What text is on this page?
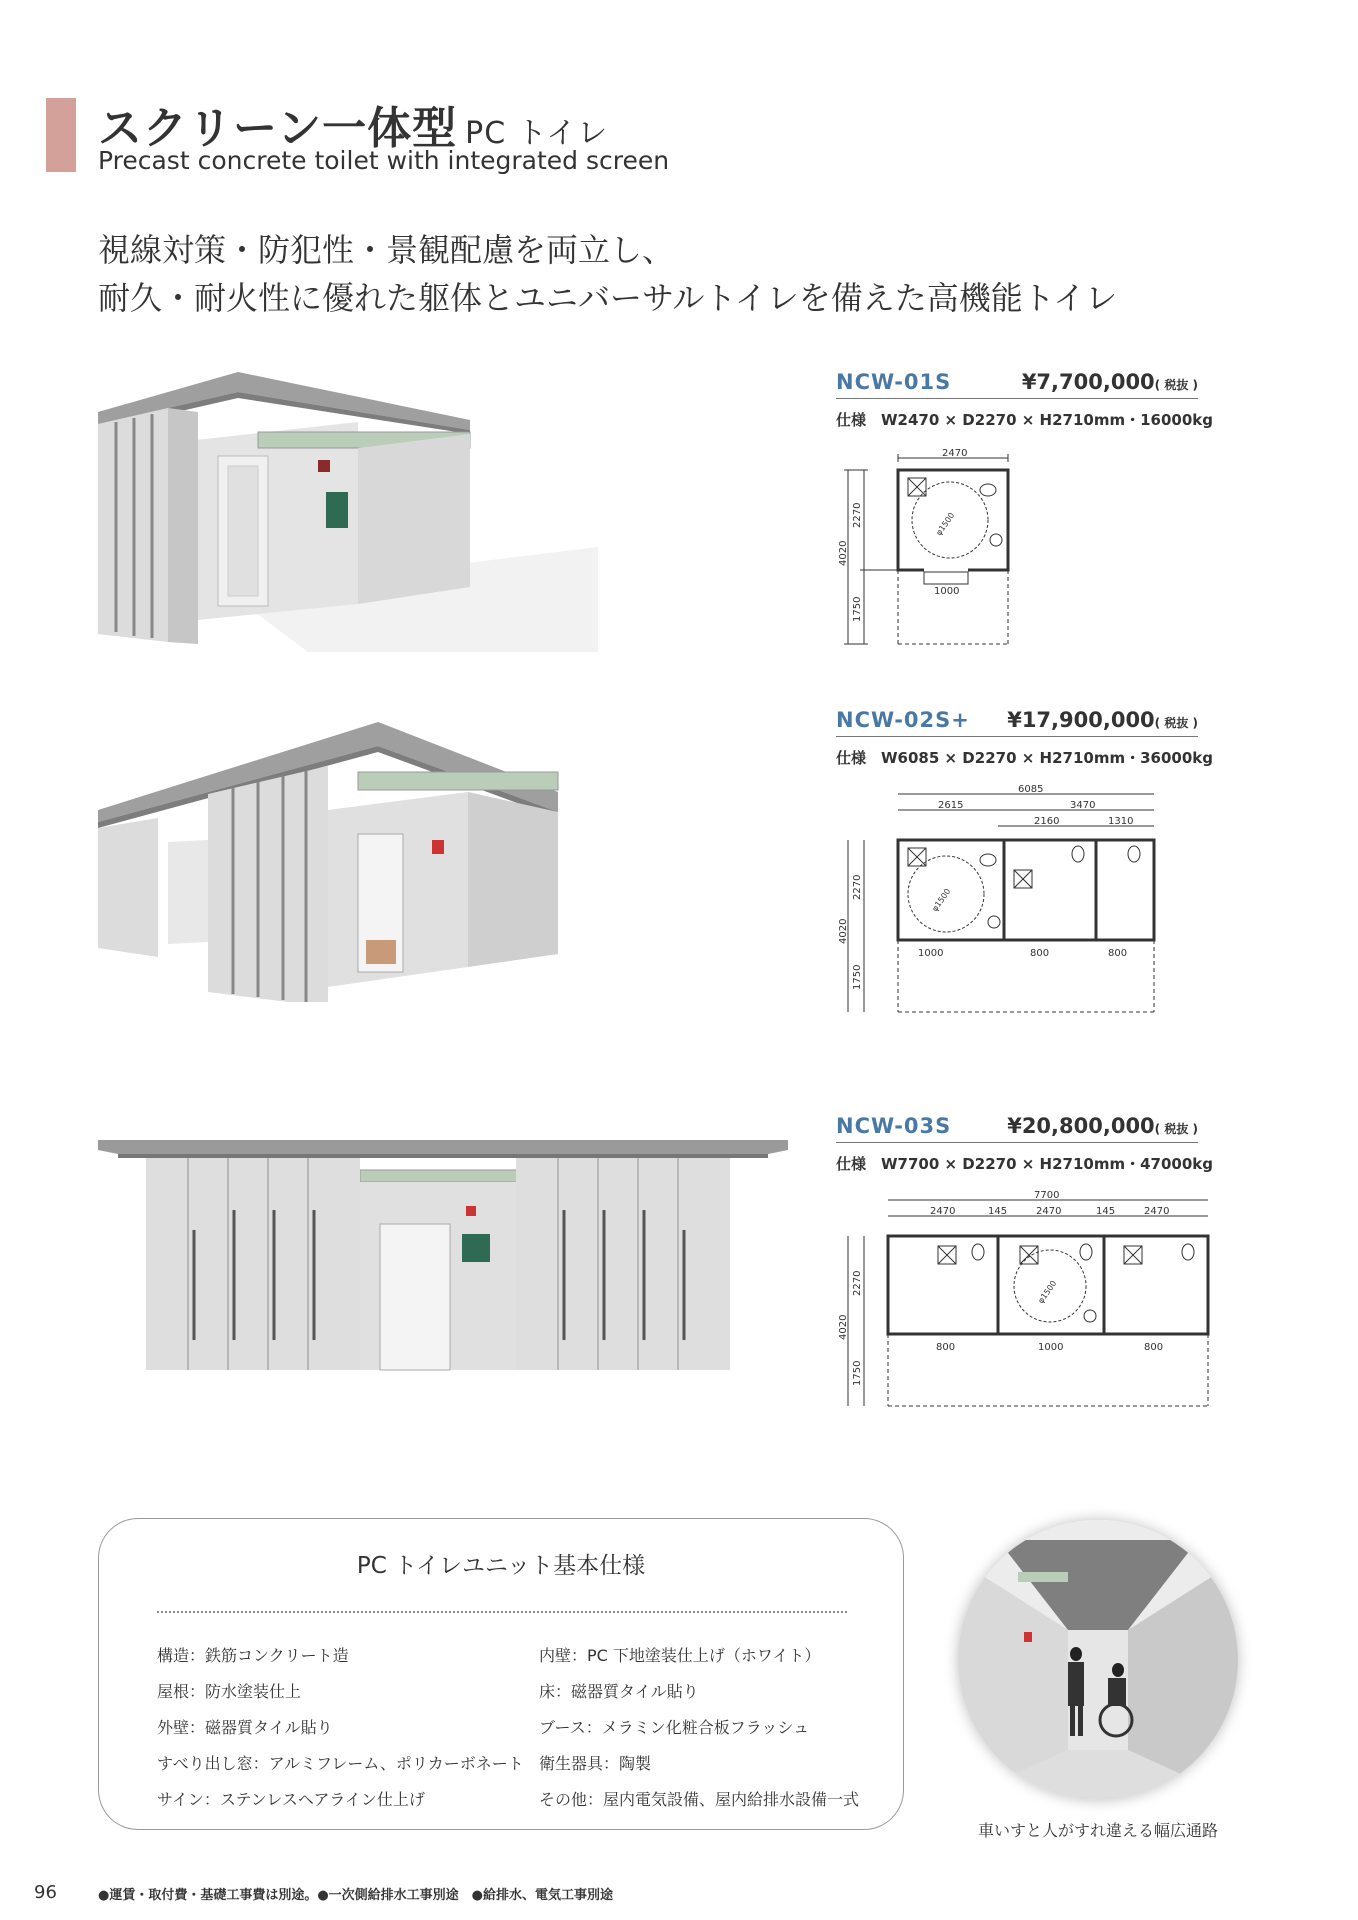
スクリーン一体型 PC トイレ
Precast concrete toilet with integrated screen
視線対策・防犯性・景観配慮を両立し、
耐久・耐火性に優れた躯体とユニバーサルトイレを備えた高機能トイレ
NCW-01S	¥7,700,000( 税抜 )
仕様　W2470 × D2270 × H2710mm・16000kg
NCW-02S+ ¥17,900,000( 税抜 )
仕様　W6085 × D2270 × H2710mm・36000kg
NCW-03S	¥20,800,000( 税抜 )
仕様　W7700 × D2270 × H2710mm・47000kg
2470
2270
4020
1750
φ1500
1000
6085
2615	3470
2160	1310
2270
4020
1750
φ1500
1000	800	800
7700
2470	145	2470	145	2470
2270
4020
1750
φ1500
800	1000	800
PC トイレユニット基本仕様
構造：鉄筋コンクリート造
屋根：防水塗装仕上
外壁：磁器質タイル貼り
すべり出し窓：アルミフレーム、ポリカーボネート
サイン：ステンレスヘアライン仕上げ
内壁：PC 下地塗装仕上げ（ホワイト）
床：磁器質タイル貼り
ブース：メラミン化粧合板フラッシュ
衛生器具：陶製
その他：屋内電気設備、屋内給排水設備一式
車いすと人がすれ違える幅広通路
96	●運賃・取付費・基礎工事費は別途。●一次側給排水工事別途　●給排水、電気工事別途
